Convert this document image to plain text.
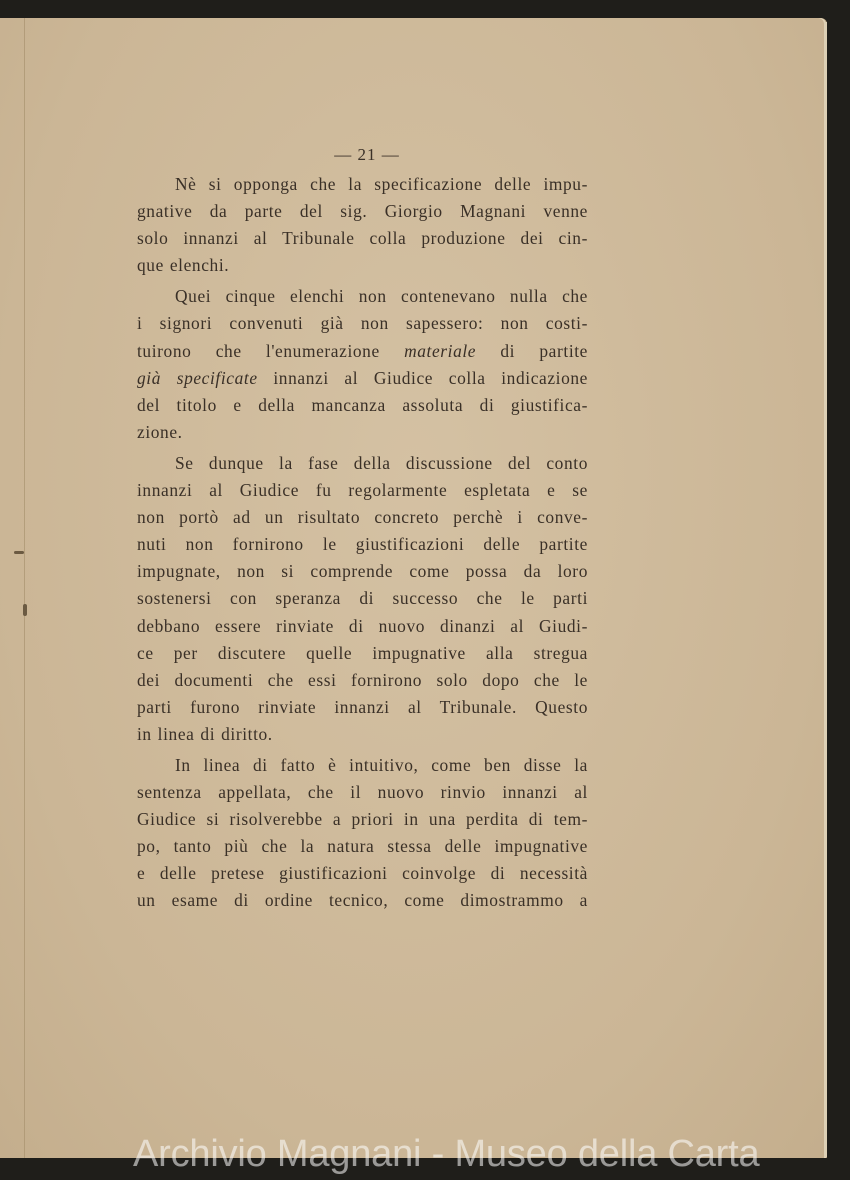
— 21 —
Nè si opponga che la specificazione delle impu-
gnative da parte del sig. Giorgio Magnani venne
solo innanzi al Tribunale colla produzione dei cin-
que elenchi.
Quei cinque elenchi non contenevano nulla che
i signori convenuti già non sapessero: non costi-
tuirono che l'enumerazione materiale di partite
già specificate innanzi al Giudice colla indicazione
del titolo e della mancanza assoluta di giustifica-
zione.
Se dunque la fase della discussione del conto
innanzi al Giudice fu regolarmente espletata e se
non portò ad un risultato concreto perchè i conve-
nuti non fornirono le giustificazioni delle partite
impugnate, non si comprende come possa da loro
sostenersi con speranza di successo che le parti
debbano essere rinviate di nuovo dinanzi al Giudi-
ce per discutere quelle impugnative alla stregua
dei documenti che essi fornirono solo dopo che le
parti furono rinviate innanzi al Tribunale. Questo
in linea di diritto.
In linea di fatto è intuitivo, come ben disse la
sentenza appellata, che il nuovo rinvio innanzi al
Giudice si risolverebbe a priori in una perdita di tem-
po, tanto più che la natura stessa delle impugnative
e delle pretese giustificazioni coinvolge di necessità
un esame di ordine tecnico, come dimostrammo a
Archivio Magnani - Museo della Carta
